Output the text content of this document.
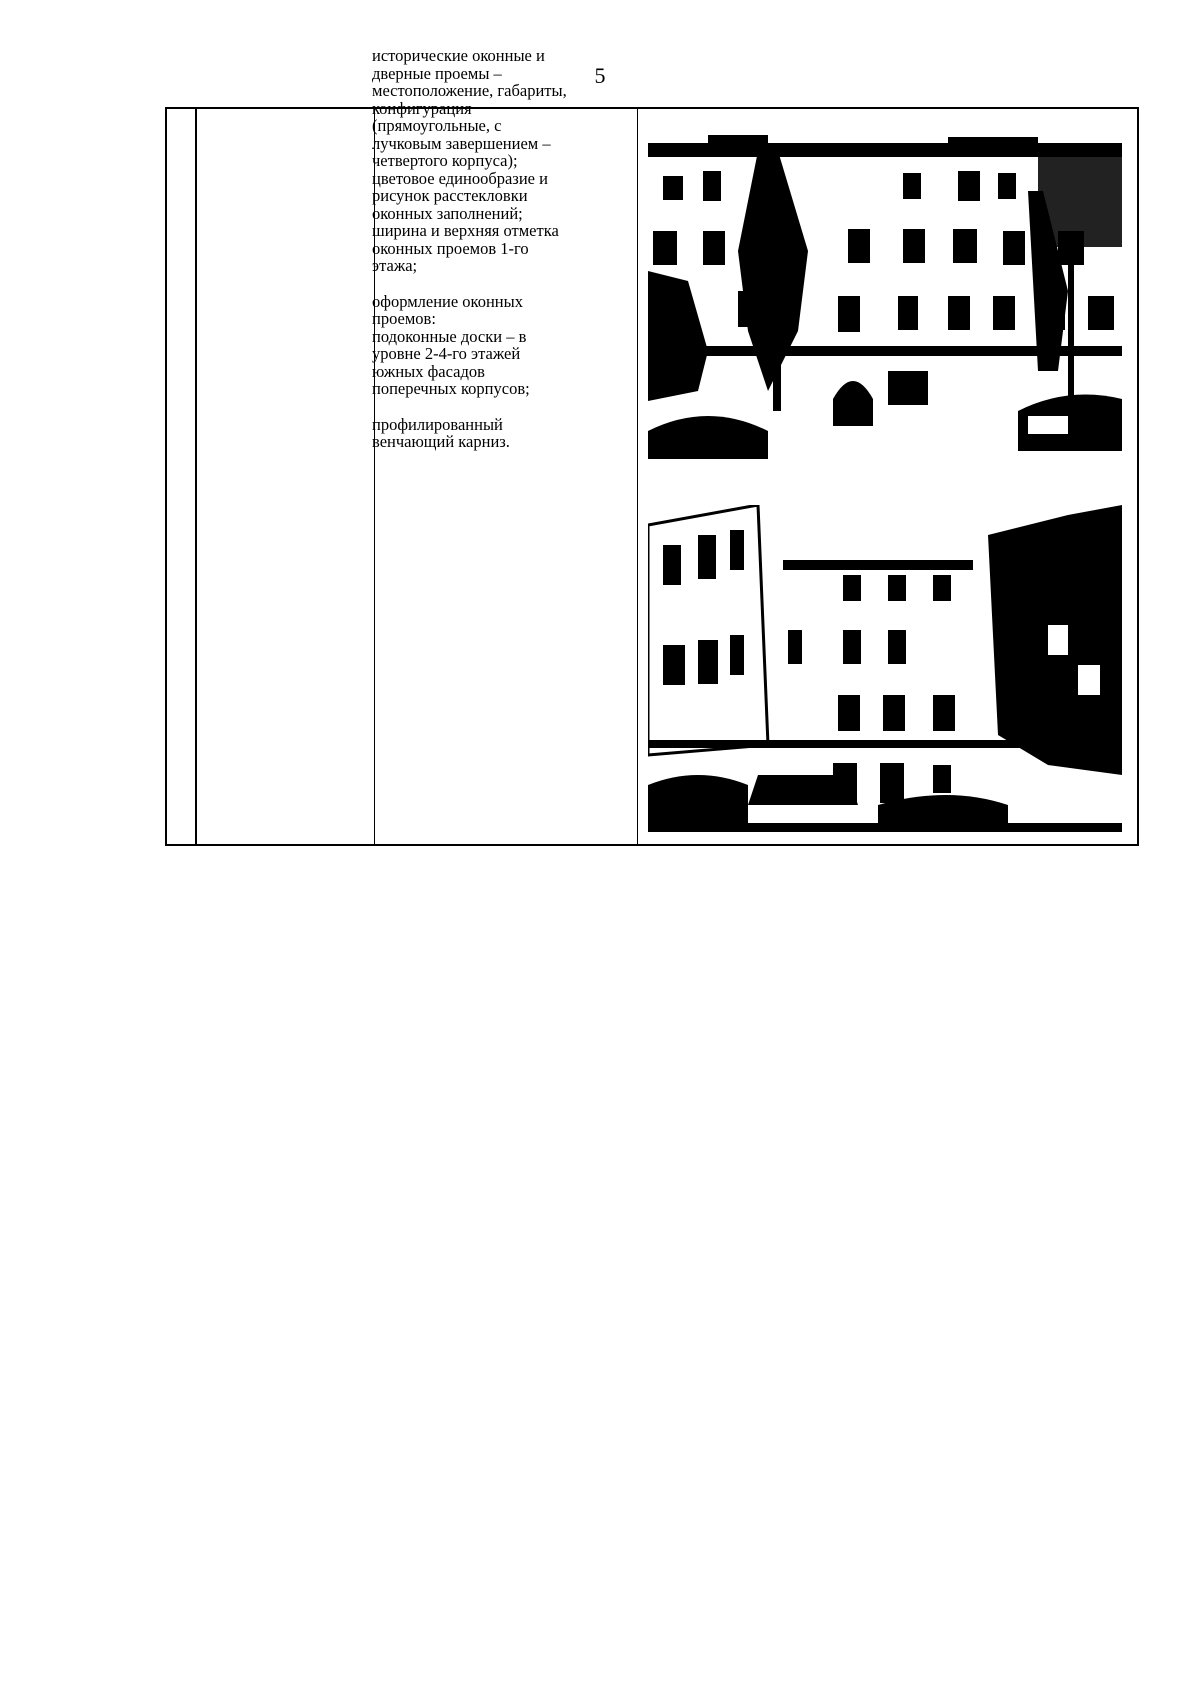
5

исторические оконные и
дверные проемы –
местоположение, габариты,
конфигурация
(прямоугольные, с
лучковым завершением –
четвертого корпуса);
цветовое единообразие и
рисунок расстекловки
оконных заполнений;
ширина и верхняя отметка
оконных проемов 1-го
этажа;

оформление оконных
проемов:
подоконные доски – в
уровне 2-4-го этажей
южных фасадов
поперечных корпусов;

профилированный
венчающий карниз.
